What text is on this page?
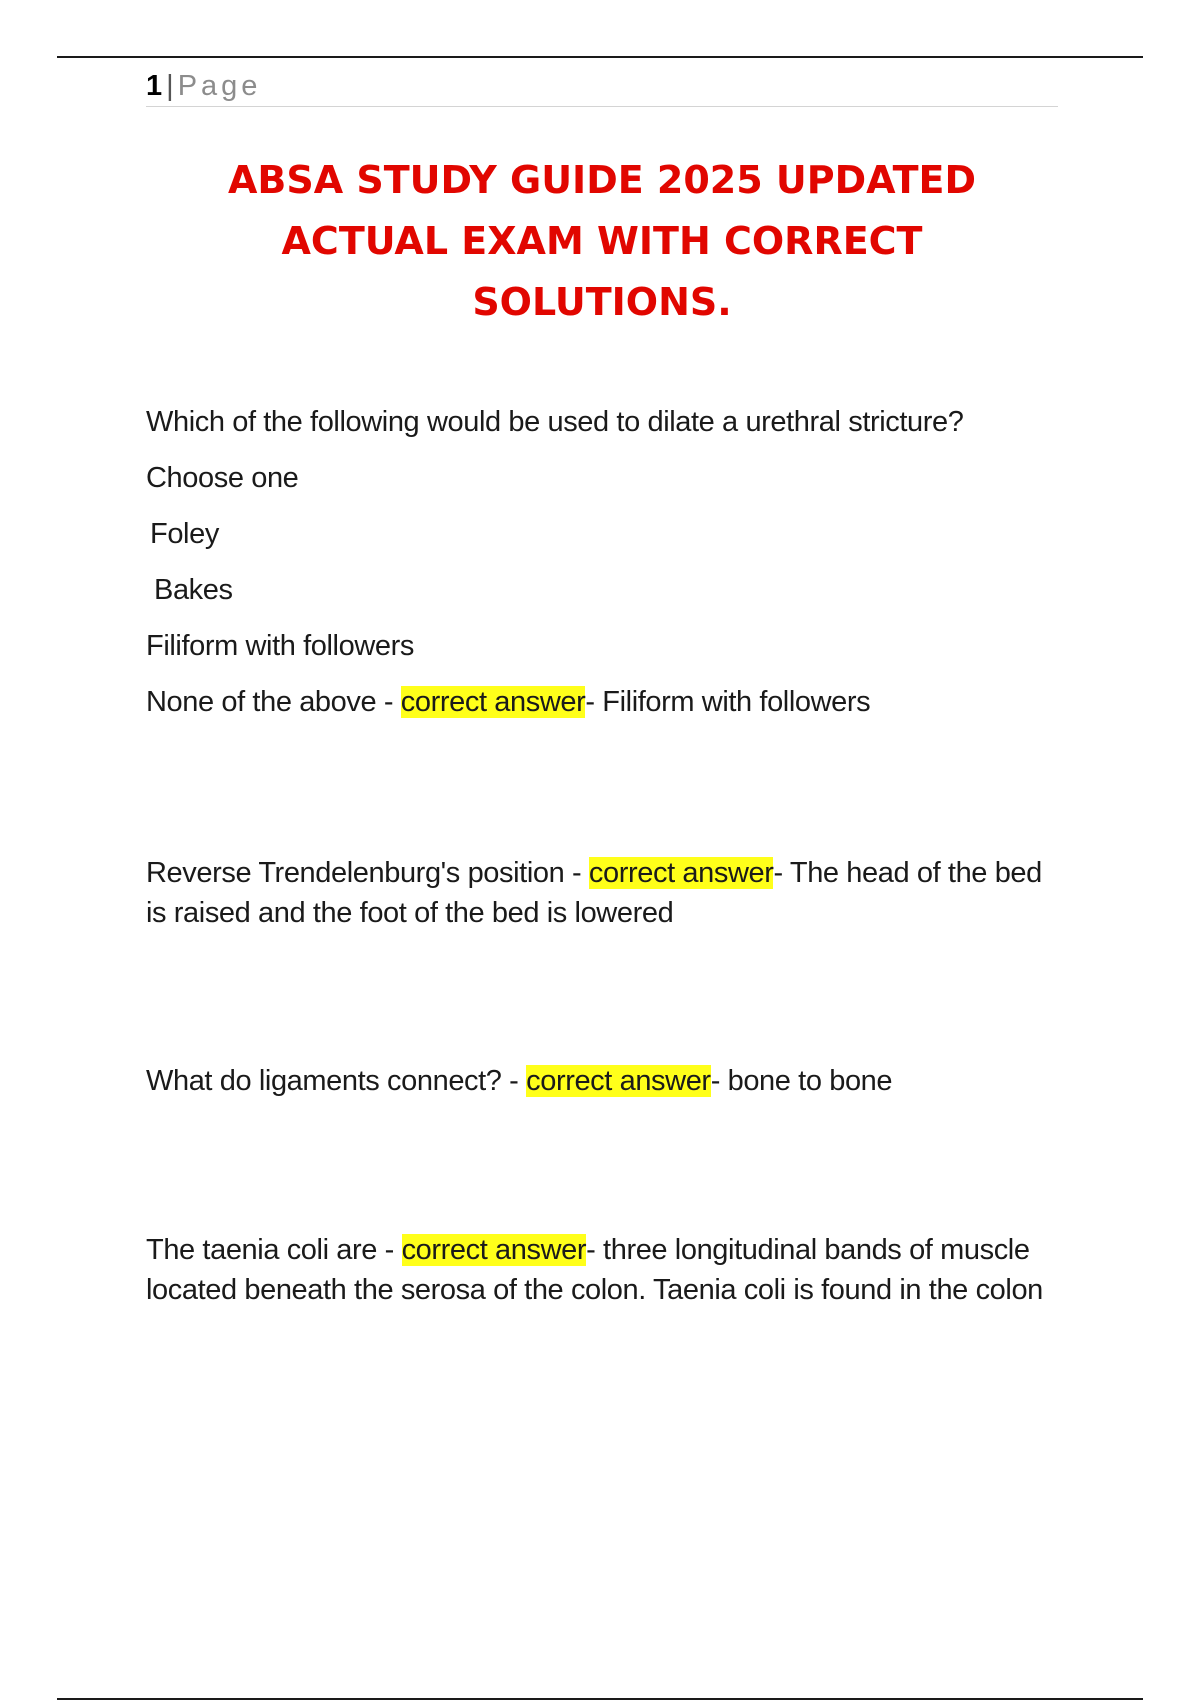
1 | Page
ABSA STUDY GUIDE 2025 UPDATED
ACTUAL EXAM WITH CORRECT
SOLUTIONS.
Which of the following would be used to dilate a urethral stricture?
Choose one
Foley
Bakes
Filiform with followers
None of the above - correct answer- Filiform with followers
Reverse Trendelenburg's position - correct answer- The head of the bed is raised and the foot of the bed is lowered
What do ligaments connect? - correct answer- bone to bone
The taenia coli are - correct answer- three longitudinal bands of muscle located beneath the serosa of the colon. Taenia coli is found in the colon
